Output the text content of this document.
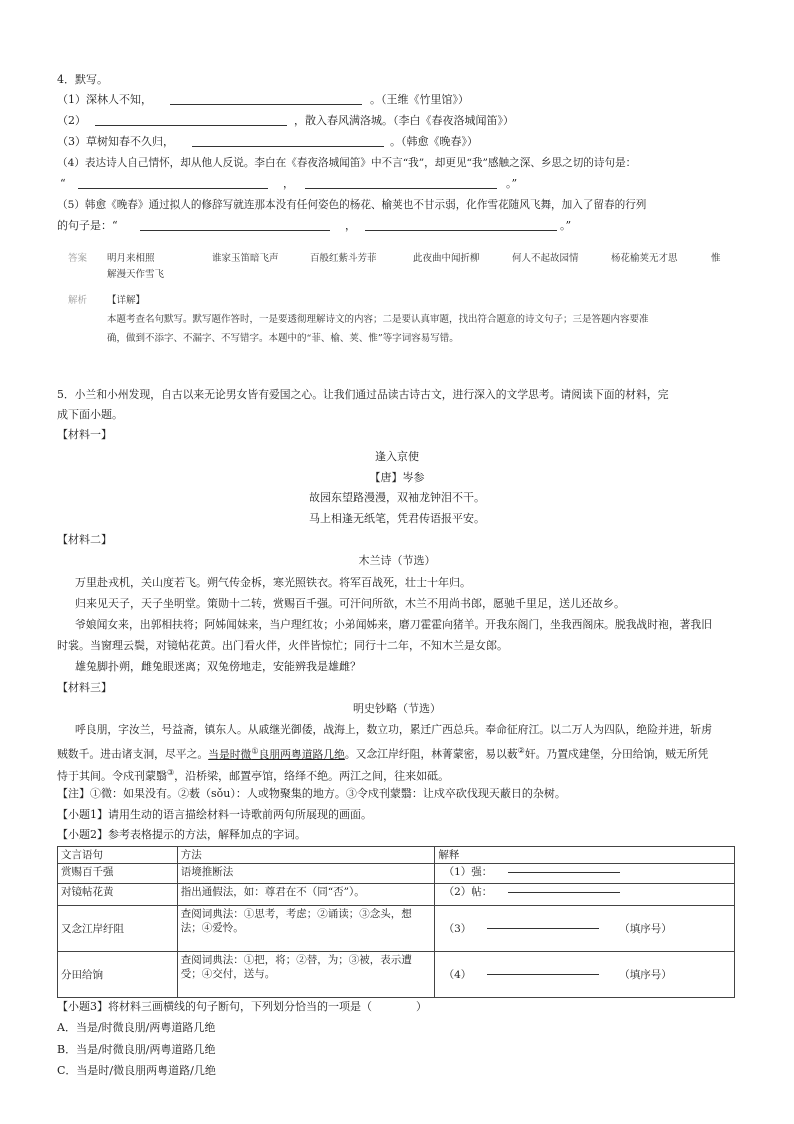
4．默写。
（1）深林人不知，	。（王维《竹里馆》）
（2）	，散入春风满洛城。（李白《春夜洛城闻笛》）
（3）草树知春不久归，	。（韩愈《晚春》）
（4）表达诗人自己情怀，却从他人反说。李白在《春夜洛城闻笛》中不言“我”，却更见“我”感触之深、乡思之切的诗句是：
“	，	。”
（5）韩愈《晚春》通过拟人的修辞写就连那本没有任何姿色的杨花、榆荚也不甘示弱，化作雪花随风飞舞，加入了留春的行列
的句子是：“	，	。”
答案 明月来相照	谁家玉笛暗飞声	百般红紫斗芳菲	此夜曲中闻折柳	何人不起故园情	杨花榆荚无才思	惟
解漫天作雪飞
解析 【详解】
本题考查名句默写。默写题作答时，一是要透彻理解诗文的内容；二是要认真审题，找出符合题意的诗文句子；三是答题内容要准
确，做到不添字、不漏字、不写错字。本题中的“菲、榆、荚、惟”等字词容易写错。
5．小兰和小州发现，自古以来无论男女皆有爱国之心。让我们通过品读古诗古文，进行深入的文学思考。请阅读下面的材料，完
成下面小题。
【材料一】
逢入京使
【唐】岑参
故园东望路漫漫，双袖龙钟泪不干。
马上相逢无纸笔，凭君传语报平安。
【材料二】
木兰诗（节选）
万里赴戎机，关山度若飞。朔气传金柝，寒光照铁衣。将军百战死，壮士十年归。
归来见天子，天子坐明堂。策勋十二转，赏赐百千强。可汗问所欲，木兰不用尚书郎，愿驰千里足，送儿还故乡。
爷娘闻女来，出郭相扶将；阿姊闻妹来，当户理红妆；小弟闻姊来，磨刀霍霍向猪羊。开我东阁门，坐我西阁床。脱我战时袍，著我旧
时裳。当窗理云鬓，对镜帖花黄。出门看火伴，火伴皆惊忙；同行十二年，不知木兰是女郎。
雄兔脚扑朔，雌兔眼迷离；双兔傍地走，安能辨我是雄雌？
【材料三】
明史钞略（节选）
呼良朋，字汝兰，号益斋，镇东人。从戚继光御倭，战海上，数立功，累迁广西总兵。奉命征府江。以二万人为四队，绝险并进，斩虏
贼数千。进击诸支洞，尽平之。当是时微①良朋两粤道路几绝。又念江岸纡阻，林菁蒙密，易以薮②奸。乃置戍建堡，分田给饷，贼无所凭
恃于其间。令戍刊蒙翳③，沿桥梁，邮置亭馆，络绎不绝。两江之间，往来如砥。
【注】①微：如果没有。②薮（sǒu）：人或物聚集的地方。③令戍刊蒙翳：让戍卒砍伐现天蔽日的杂树。
【小题1】请用生动的语言描绘材料一诗歌前两句所展现的画面。
【小题2】参考表格提示的方法，解释加点的字词。
文言语句	方法	解释
赏赐百千强	语境推断法	 （1）强：
对镜帖花黄	指出通假法，如：尊君在不（同“否”）。	 （2）帖：
又念江岸纡阻	查阅词典法：①思考，考虑；②诵读；③念头，想法；④爱怜。	 （3） （填序号）
分田给饷	查阅词典法：①把，将；②替，为；③被，表示遭受；④交付，送与。	 （4） （填序号）
【小题3】将材料三画横线的句子断句，下列划分恰当的一项是（　　　　）
A．当是/时微良朋/两粤道路几绝
B．当是/时微良朋/两粤道路几绝
C．当是时/微良朋两粤道路/几绝
